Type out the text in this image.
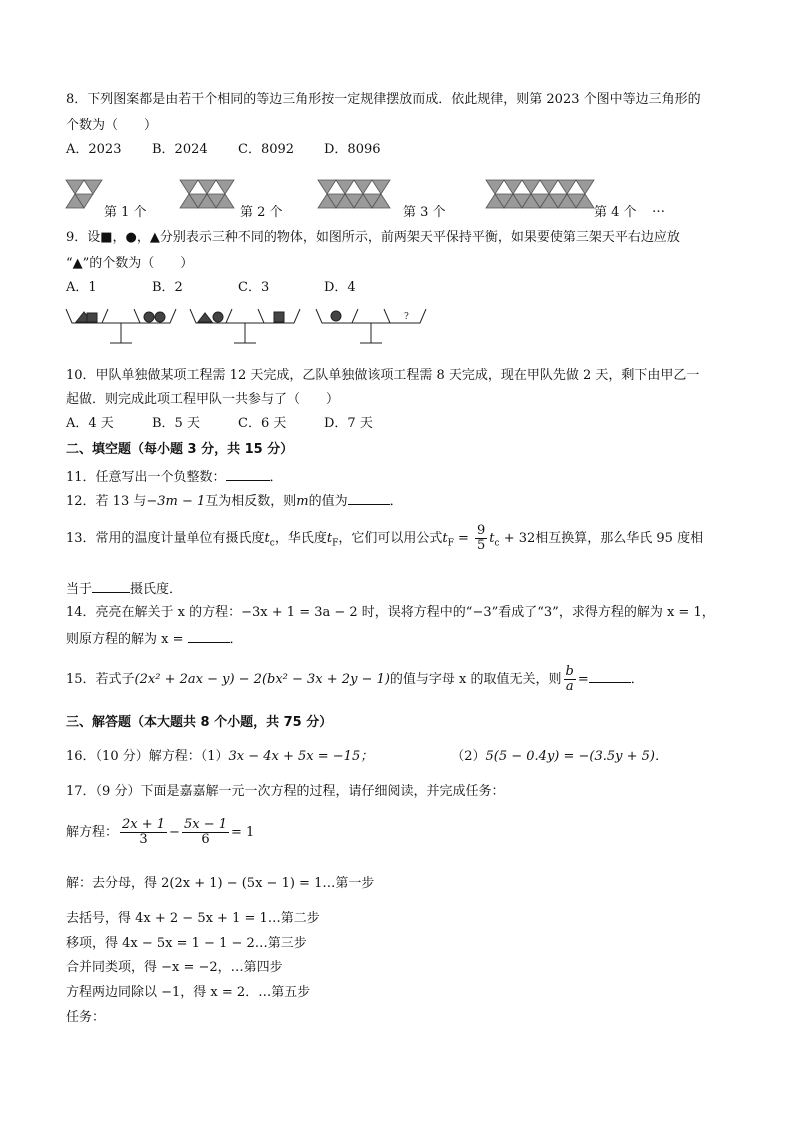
8．下列图案都是由若干个相同的等边三角形按一定规律摆放而成．依此规律，则第 2023 个图中等边三角形的
个数为（　　）
A．2023 B．2024 C．8092 D．8096
第 1 个	第 2 个	第 3 个	第 4 个 …
9．设■，●，▲分别表示三种不同的物体，如图所示，前两架天平保持平衡，如果要使第三架天平右边应放
“▲”的个数为（　　）
A．1	B．2	C．3	D．4
?
10．甲队单独做某项工程需 12 天完成，乙队单独做该项工程需 8 天完成，现在甲队先做 2 天，剩下由甲乙一
起做．则完成此项工程甲队一共参与了（　　）
A．4 天	B．5 天	C．6 天	D．7 天
二、填空题（每小题 3 分，共 15 分）
11．任意写出一个负整数：	．
12．若 13 与−3m − 1互为相反数，则m的值为	．
13．常用的温度计量单位有摄氏度$t_c$，华氏度$t_F$，它们可以用公式$t_F = \frac{9}{5} t_c + 32$相互换算，那么华氏 95 度相
当于	摄氏度．
14．亮亮在解关于 x 的方程：−3x + 1 = 3a − 2 时，误将方程中的“−3”看成了“3”，求得方程的解为 x = 1，
则原方程的解为 x =	．
15．若式子(2x² + 2ax − y) − 2(bx² − 3x + 2y − 1)的值与字母 x 的取值无关，则 $\frac{b}{a}$ =	．
三、解答题（本大题共 8 个小题，共 75 分）
16．（10 分）解方程：（1）3x − 4x + 5x = −15；	（2）5(5 − 0.4y) = −(3.5y + 5)．
17．（9 分）下面是嘉嘉解一元一次方程的过程，请仔细阅读，并完成任务：
解方程： $\frac{2x + 1}{3} - \frac{5x - 1}{6} = 1$
解：去分母，得 2(2x + 1) − (5x − 1) = 1…第一步
去括号，得 4x + 2 − 5x + 1 = 1…第二步
移项，得 4x − 5x = 1 − 1 − 2…第三步
合并同类项，得 −x = −2，…第四步
方程两边同除以 −1，得 x = 2．…第五步
任务：
